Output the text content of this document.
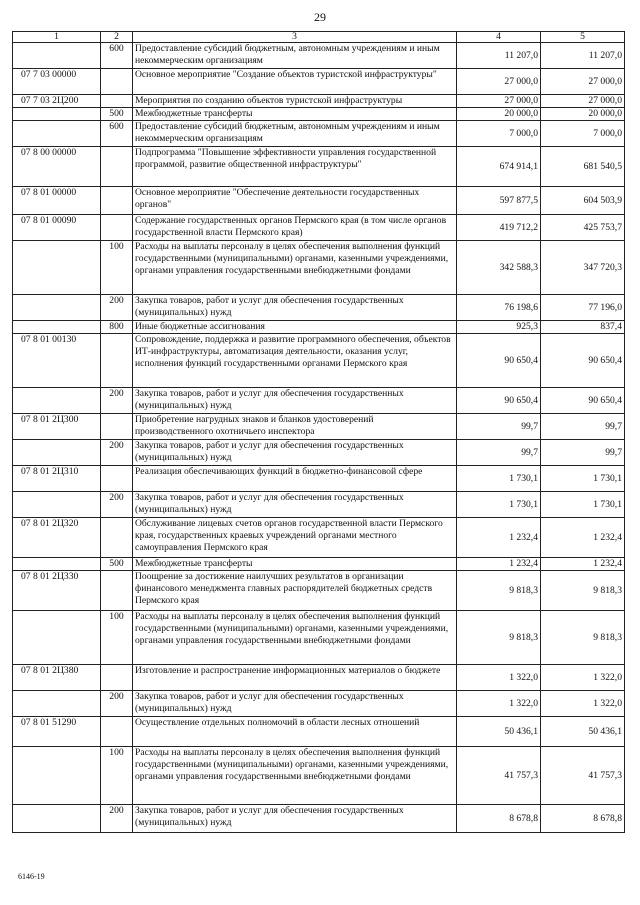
29
1	2	3	4	5
	600	Предоставление субсидий бюджетным, автономным учреждениям и иным некоммерческим организациям	11 207,0	11 207,0
07 7 03 00000		Основное мероприятие "Создание объектов туристской инфраструктуры"	27 000,0	27 000,0
07 7 03 2Ц200		Мероприятия по созданию объектов туристской инфраструктуры	27 000,0	27 000,0
	500	Межбюджетные трансферты	20 000,0	20 000,0
	600	Предоставление субсидий бюджетным, автономным учреждениям и иным некоммерческим организациям	7 000,0	7 000,0
07 8 00 00000		Подпрограмма "Повышение эффективности управления государственной программой, развитие общественной инфраструктуры"	674 914,1	681 540,5
07 8 01 00000		Основное мероприятие "Обеспечение деятельности государственных органов"	597 877,5	604 503,9
07 8 01 00090		Содержание государственных органов Пермского края (в том числе органов государственной власти Пермского края)	419 712,2	425 753,7
	100	Расходы на выплаты персоналу в целях обеспечения выполнения функций государственными (муниципальными) органами, казенными учреждениями, органами управления государственными внебюджетными фондами	342 588,3	347 720,3
	200	Закупка товаров, работ и услуг для обеспечения государственных (муниципальных) нужд	76 198,6	77 196,0
	800	Иные бюджетные ассигнования	925,3	837,4
07 8 01 00130		Сопровождение, поддержка и развитие программного обеспечения, объектов ИТ-инфраструктуры, автоматизация деятельности, оказания услуг, исполнения функций государственными органами Пермского края	90 650,4	90 650,4
	200	Закупка товаров, работ и услуг для обеспечения государственных (муниципальных) нужд	90 650,4	90 650,4
07 8 01 2Ц300		Приобретение нагрудных знаков и бланков удостоверений производственного охотничьего инспектора	99,7	99,7
	200	Закупка товаров, работ и услуг для обеспечения государственных (муниципальных) нужд	99,7	99,7
07 8 01 2Ц310		Реализация обеспечивающих функций в бюджетно-финансовой сфере	1 730,1	1 730,1
	200	Закупка товаров, работ и услуг для обеспечения государственных (муниципальных) нужд	1 730,1	1 730,1
07 8 01 2Ц320		Обслуживание лицевых счетов органов государственной власти Пермского края, государственных краевых учреждений органами местного самоуправления Пермского края	1 232,4	1 232,4
	500	Межбюджетные трансферты	1 232,4	1 232,4
07 8 01 2Ц330		Поощрение за достижение наилучших результатов в организации финансового менеджмента главных распорядителей бюджетных средств Пермского края	9 818,3	9 818,3
	100	Расходы на выплаты персоналу в целях обеспечения выполнения функций государственными (муниципальными) органами, казенными учреждениями, органами управления государственными внебюджетными фондами	9 818,3	9 818,3
07 8 01 2Ц380		Изготовление и распространение информационных материалов о бюджете	1 322,0	1 322,0
	200	Закупка товаров, работ и услуг для обеспечения государственных (муниципальных) нужд	1 322,0	1 322,0
07 8 01 51290		Осуществление отдельных полномочий в области лесных отношений	50 436,1	50 436,1
	100	Расходы на выплаты персоналу в целях обеспечения выполнения функций государственными (муниципальными) органами, казенными учреждениями, органами управления государственными внебюджетными фондами	41 757,3	41 757,3
	200	Закупка товаров, работ и услуг для обеспечения государственных (муниципальных) нужд	8 678,8	8 678,8
6146-19
